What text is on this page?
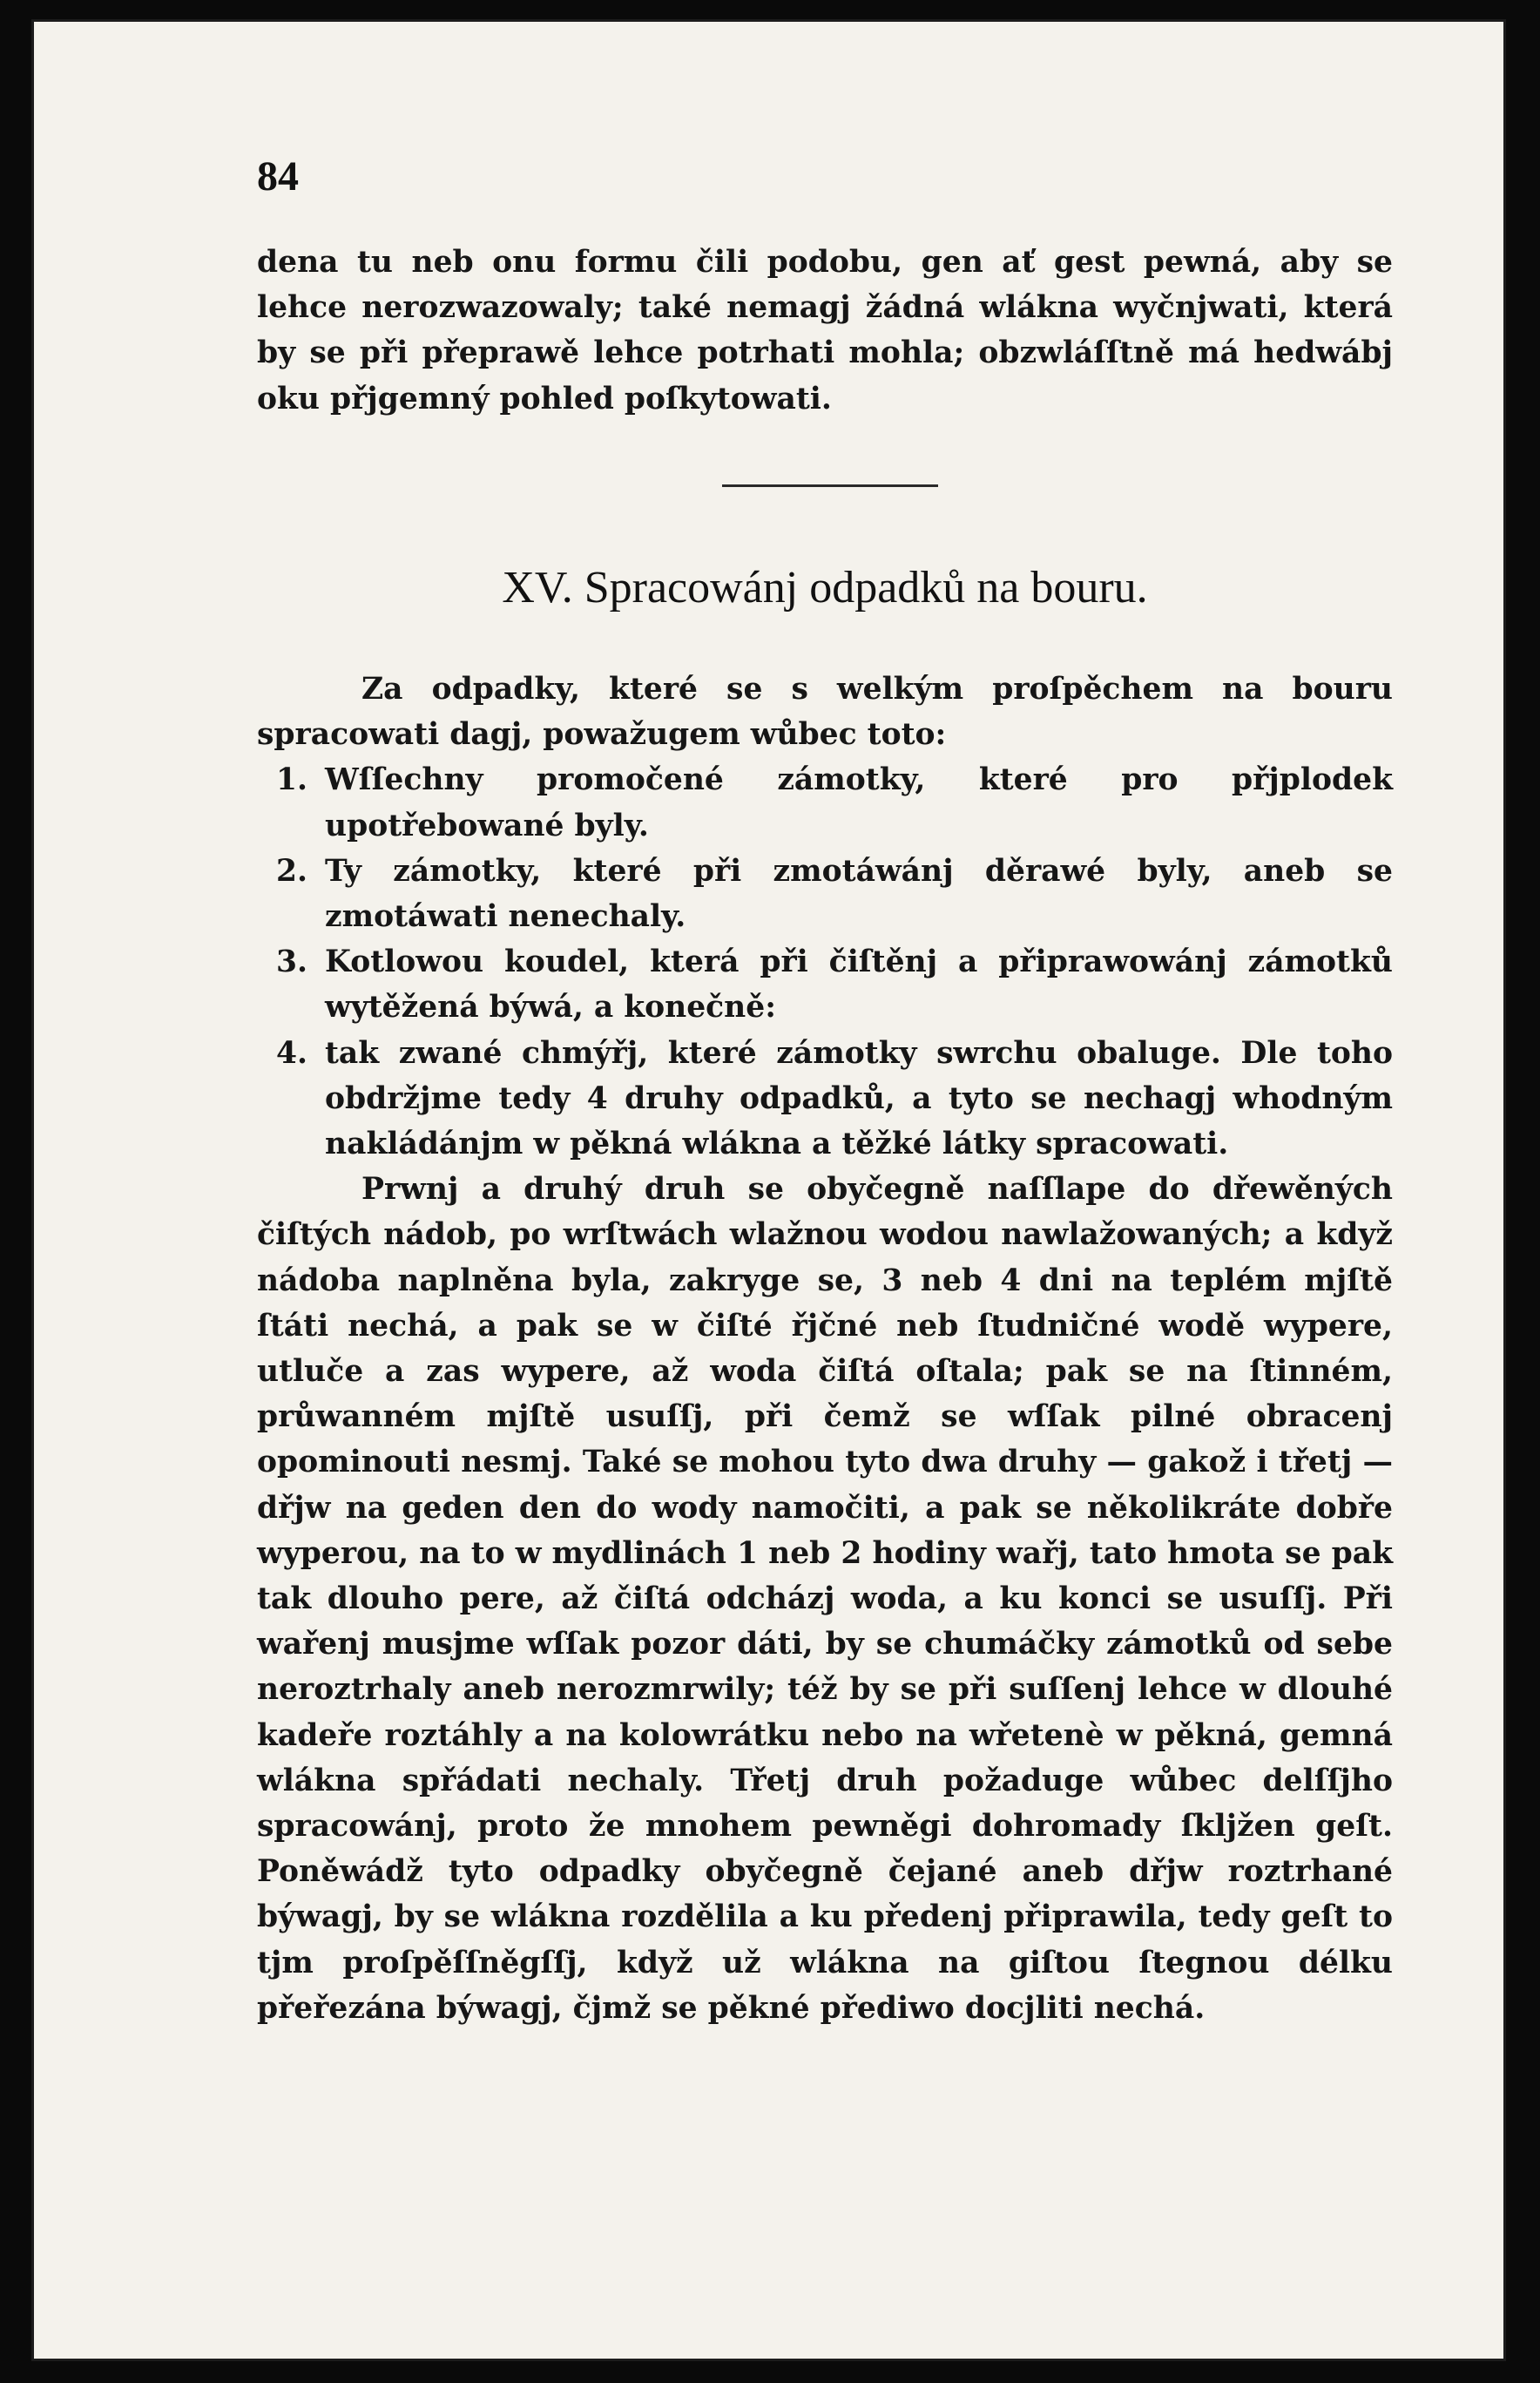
84

dena tu neb onu formu čili podobu, gen ať gest pewná, aby se lehce nerozwazowaly; také nemagj žádná wlákna wyčnjwati, která by se při přeprawě lehce potrhati mohla; obzwláſſtně má hedwábj oku přjgemný pohled poſkytowati.

XV. Spracowánj odpadků na bouru.

Za odpadky, které se s welkým proſpěchem na bouru spracowati dagj, powažugem wůbec toto:

1. Wſſechny promočené zámotky, které pro přjplodek upotřebowané byly.
2. Ty zámotky, které při zmotáwánj děrawé byly, aneb se zmotáwati nenechaly.
3. Kotlowou koudel, která při čiſtěnj a připrawowánj zámotků wytěžená býwá, a konečně:
4. tak zwané chmýřj, které zámotky swrchu obaluge. Dle toho obdržjme tedy 4 druhy odpadků, a tyto se nechagj whodným nakládánjm w pěkná wlákna a těžké látky spracowati.

Prwnj a druhý druh se obyčegně naſſlape do dřewěných čiſtých nádob, po wrſtwách wlažnou wodou nawlažowaných; a když nádoba naplněna byla, zakryge se, 3 neb 4 dni na teplém mjſtě ſtáti nechá, a pak se w čiſté řjčné neb ſtudničné wodě wypere, utluče a zas wypere, až woda čiſtá oſtala; pak se na ſtinném, průwanném mjſtě usuſſj, při čemž se wſſak pilné obracenj opominouti nesmj. Také se mohou tyto dwa druhy — gakož i třetj — dřjw na geden den do wody namočiti, a pak se několikráte dobře wyperou, na to w mydlinách 1 neb 2 hodiny wařj, tato hmota se pak tak dlouho pere, až čiſtá odcházj woda, a ku konci se usuſſj. Při wařenj musjme wſſak pozor dáti, by se chumáčky zámotků od sebe neroztrhaly aneb nerozmrwily; též by se při suſſenj lehce w dlouhé kadeře roztáhly a na kolowrátku nebo na wřetenè w pěkná, gemná wlákna spřádati nechaly. Třetj druh požaduge wůbec delſſjho spracowánj, proto že mnohem pewněgi dohromady ſkljžen geſt. Poněwádž tyto odpadky obyčegně čejané aneb dřjw roztrhané býwagj, by se wlákna rozdělila a ku předenj připrawila, tedy geſt to tjm proſpěſſněgſſj, když už wlákna na giſtou ſtegnou délku přeřezána býwagj, čjmž se pěkné přediwo docjliti nechá.
